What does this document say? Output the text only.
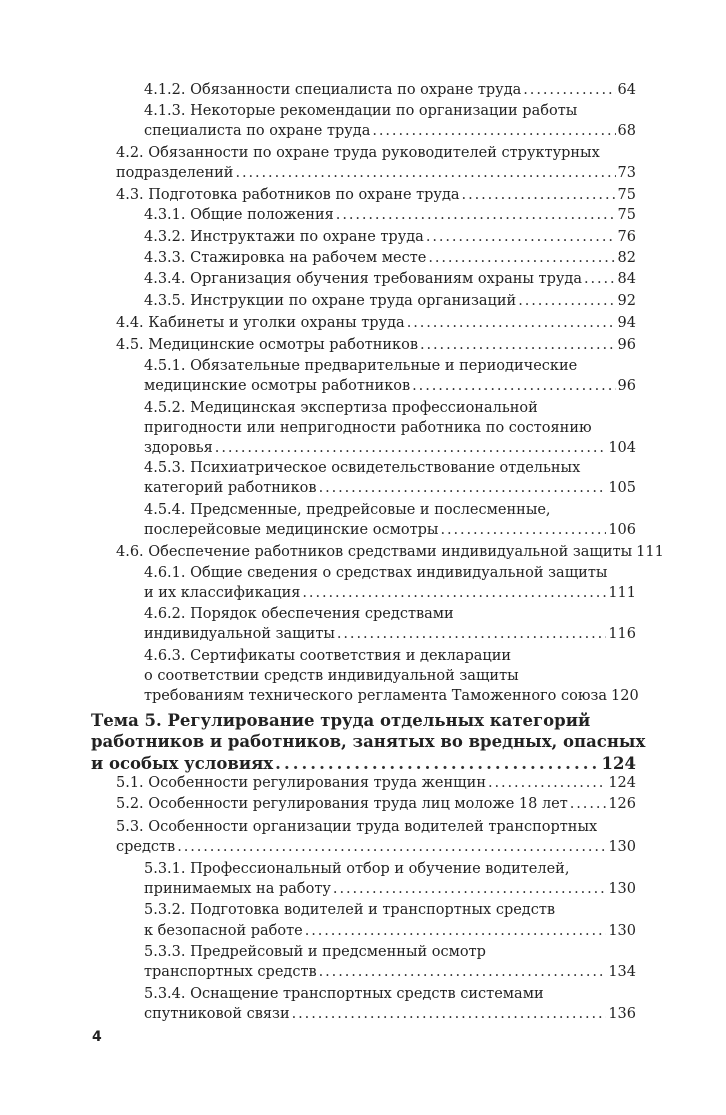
4.1.2. Обязанности специалиста по охране труда . . .	64
4.1.3. Некоторые рекомендации по организации работы
специалиста по охране труда . . .	68
4.2. Обязанности по охране труда руководителей структурных
подразделений . . .	73
4.3. Подготовка работников по охране труда . . .	75
4.3.1. Общие положения . . .	75
4.3.2. Инструктажи по охране труда . . .	76
4.3.3. Стажировка на рабочем месте . . .	82
4.3.4. Организация обучения требованиям охраны труда . . . 84
4.3.5. Инструкции по охране труда организаций . . .	92
4.4. Кабинеты и уголки охраны труда . . .	94
4.5. Медицинские осмотры работников . . .	96
4.5.1. Обязательные предварительные и периодические
медицинские осмотры работников . . .	96
4.5.2. Медицинская экспертиза профессиональной
пригодности или непригодности работника по состоянию
здоровья . . .	104
4.5.3. Психиатрическое освидетельствование отдельных
категорий работников . . .	105
4.5.4. Предсменные, предрейсовые и послесменные,
послерейсовые медицинские осмотры . . .	106
4.6. Обеспечение работников средствами индивидуальной защиты 111
4.6.1. Общие сведения о средствах индивидуальной защиты
и их классификация . . .	111
4.6.2. Порядок обеспечения средствами
индивидуальной защиты . . .	116
4.6.3. Сертификаты соответствия и декларации
о соответствии средств индивидуальной защиты
требованиям технического регламента Таможенного союза 120
Тема 5. Регулирование труда отдельных категорий
работников и работников, занятых во вредных, опасных
и особых условиях . . .	124
5.1. Особенности регулирования труда женщин . . .	124
5.2. Особенности регулирования труда лиц моложе 18 лет . . .	126
5.3. Особенности организации труда водителей транспортных
средств . . .	130
5.3.1. Профессиональный отбор и обучение водителей,
принимаемых на работу . . .	130
5.3.2. Подготовка водителей и транспортных средств
к безопасной работе . . .	130
5.3.3. Предрейсовый и предсменный осмотр
транспортных средств . . .	134
5.3.4. Оснащение транспортных средств системами
спутниковой связи . . .	136
4
